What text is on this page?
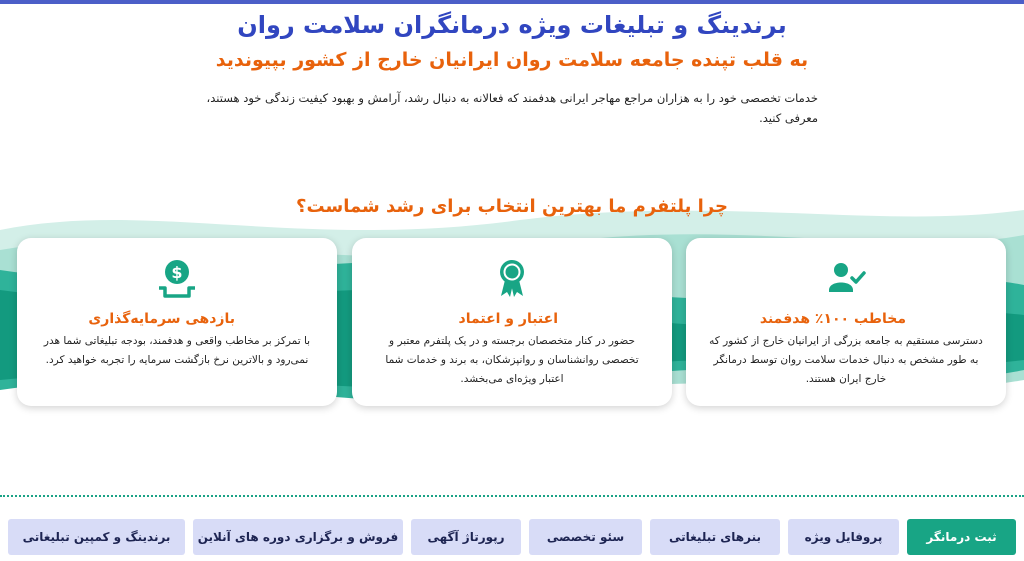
برندینگ و تبلیغات ویژه درمانگران سلامت روان
به قلب تپنده جامعه سلامت روان ایرانیان خارج از کشور بپیوندید

خدمات تخصصی خود را به هزاران مراجع مهاجر ایرانی هدفمند که فعالانه به دنبال رشد، آرامش و بهبود کیفیت زندگی خود هستند، معرفی کنید.

چرا پلتفرم ما بهترین انتخاب برای رشد شماست؟
مخاطب ۱۰۰٪ هدفمند
دسترسی مستقیم به جامعه بزرگی از ایرانیان خارج از کشور که به طور مشخص به دنبال خدمات سلامت روان توسط درمانگر خارج ایران هستند.
اعتبار و اعتماد
حضور در کنار متخصصان برجسته و در یک پلتفرم معتبر و تخصصی روانشناسان و روانپزشکان، به برند و خدمات شما اعتبار ویژه‌ای می‌بخشد.
$
بازدهی سرمایه‌گذاری
با تمرکز بر مخاطب واقعی و هدفمند، بودجه تبلیغاتی شما هدر نمی‌رود و بالاترین نرخ بازگشت سرمایه را تجربه خواهید کرد.
ثبت درمانگر
پروفایل ویژه
بنرهای تبلیغاتی
سئو تخصصی
رپورتاژ آگهی
فروش و برگزاری دوره های آنلاین
برندینگ و کمپین تبلیغاتی
